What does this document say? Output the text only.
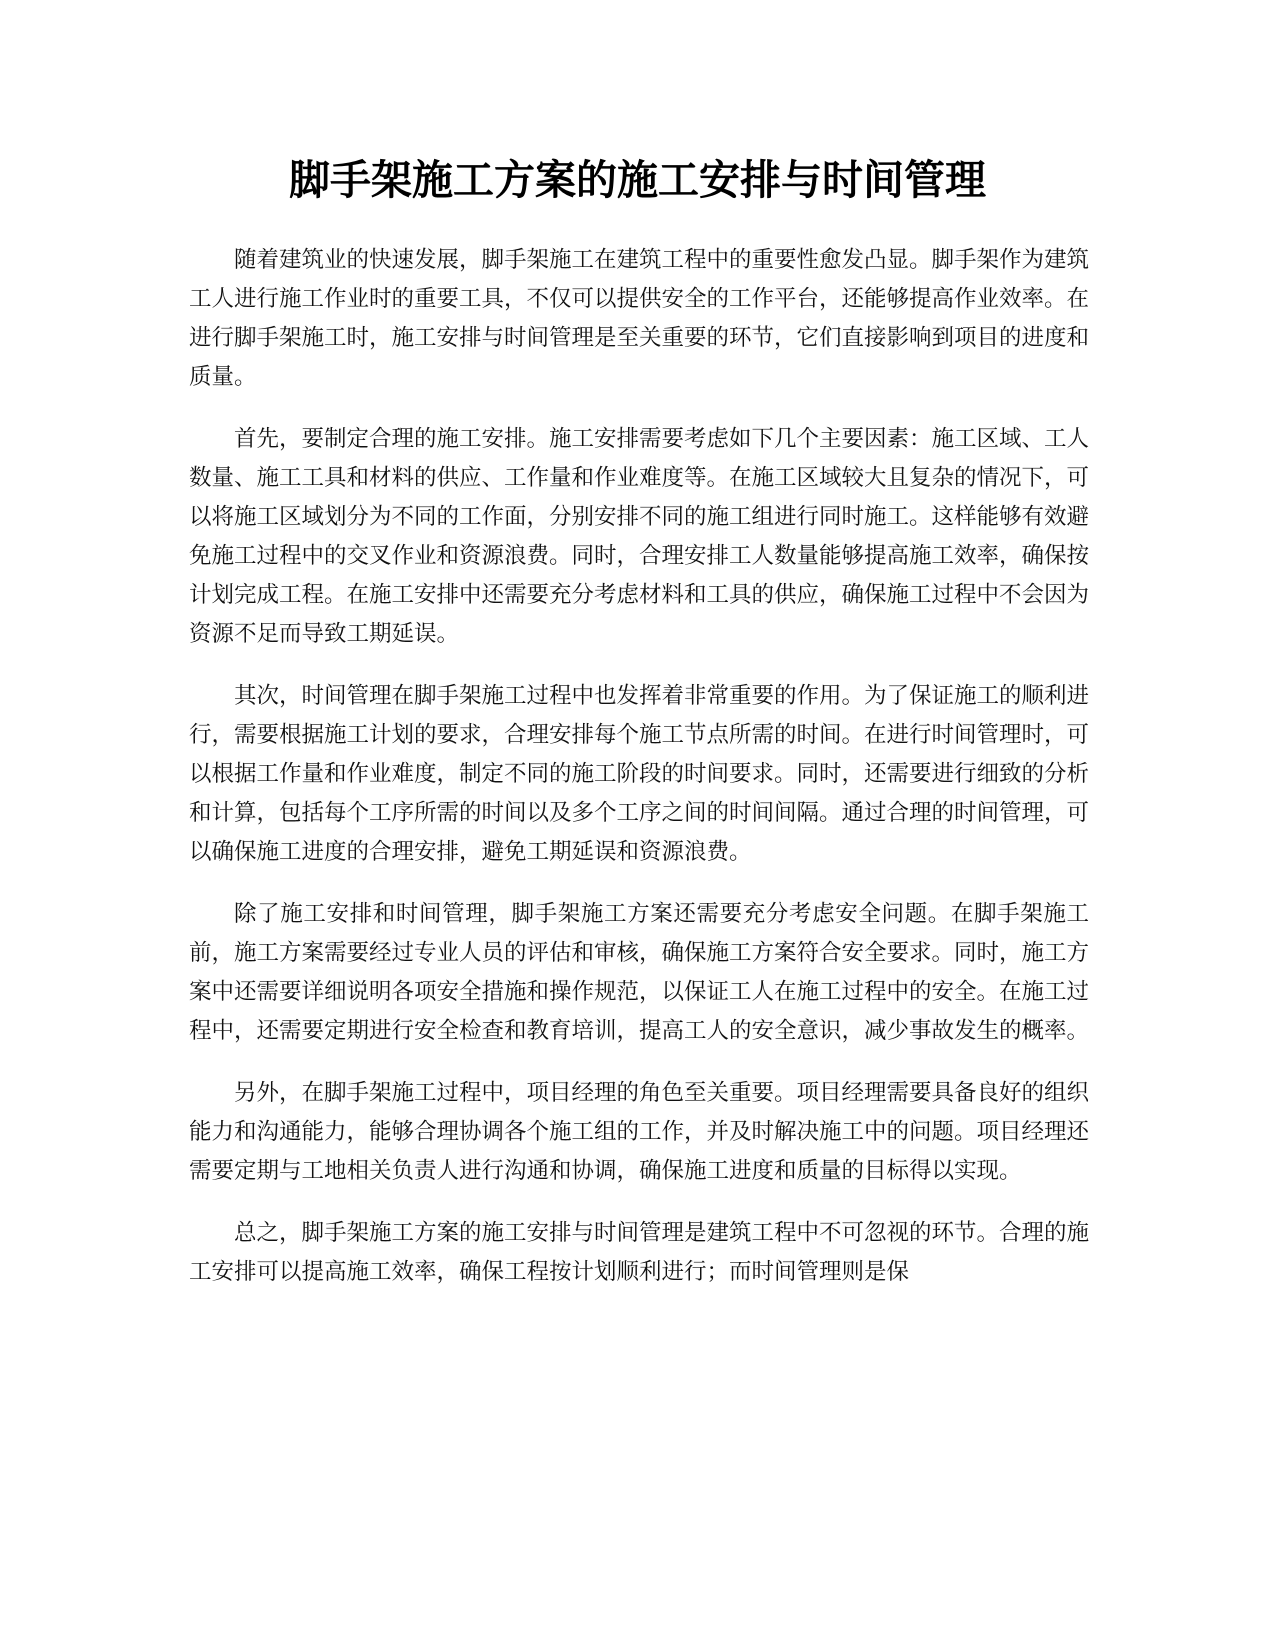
脚手架施工方案的施工安排与时间管理

随着建筑业的快速发展，脚手架施工在建筑工程中的重要性愈发凸显。脚手架作为建筑工人进行施工作业时的重要工具，不仅可以提供安全的工作平台，还能够提高作业效率。在进行脚手架施工时，施工安排与时间管理是至关重要的环节，它们直接影响到项目的进度和质量。

首先，要制定合理的施工安排。施工安排需要考虑如下几个主要因素：施工区域、工人数量、施工工具和材料的供应、工作量和作业难度等。在施工区域较大且复杂的情况下，可以将施工区域划分为不同的工作面，分别安排不同的施工组进行同时施工。这样能够有效避免施工过程中的交叉作业和资源浪费。同时，合理安排工人数量能够提高施工效率，确保按计划完成工程。在施工安排中还需要充分考虑材料和工具的供应，确保施工过程中不会因为资源不足而导致工期延误。

其次，时间管理在脚手架施工过程中也发挥着非常重要的作用。为了保证施工的顺利进行，需要根据施工计划的要求，合理安排每个施工节点所需的时间。在进行时间管理时，可以根据工作量和作业难度，制定不同的施工阶段的时间要求。同时，还需要进行细致的分析和计算，包括每个工序所需的时间以及多个工序之间的时间间隔。通过合理的时间管理，可以确保施工进度的合理安排，避免工期延误和资源浪费。

除了施工安排和时间管理，脚手架施工方案还需要充分考虑安全问题。在脚手架施工前，施工方案需要经过专业人员的评估和审核，确保施工方案符合安全要求。同时，施工方案中还需要详细说明各项安全措施和操作规范，以保证工人在施工过程中的安全。在施工过程中，还需要定期进行安全检查和教育培训，提高工人的安全意识，减少事故发生的概率。

另外，在脚手架施工过程中，项目经理的角色至关重要。项目经理需要具备良好的组织能力和沟通能力，能够合理协调各个施工组的工作，并及时解决施工中的问题。项目经理还需要定期与工地相关负责人进行沟通和协调，确保施工进度和质量的目标得以实现。

总之，脚手架施工方案的施工安排与时间管理是建筑工程中不可忽视的环节。合理的施工安排可以提高施工效率，确保工程按计划顺利进行；而时间管理则是保
